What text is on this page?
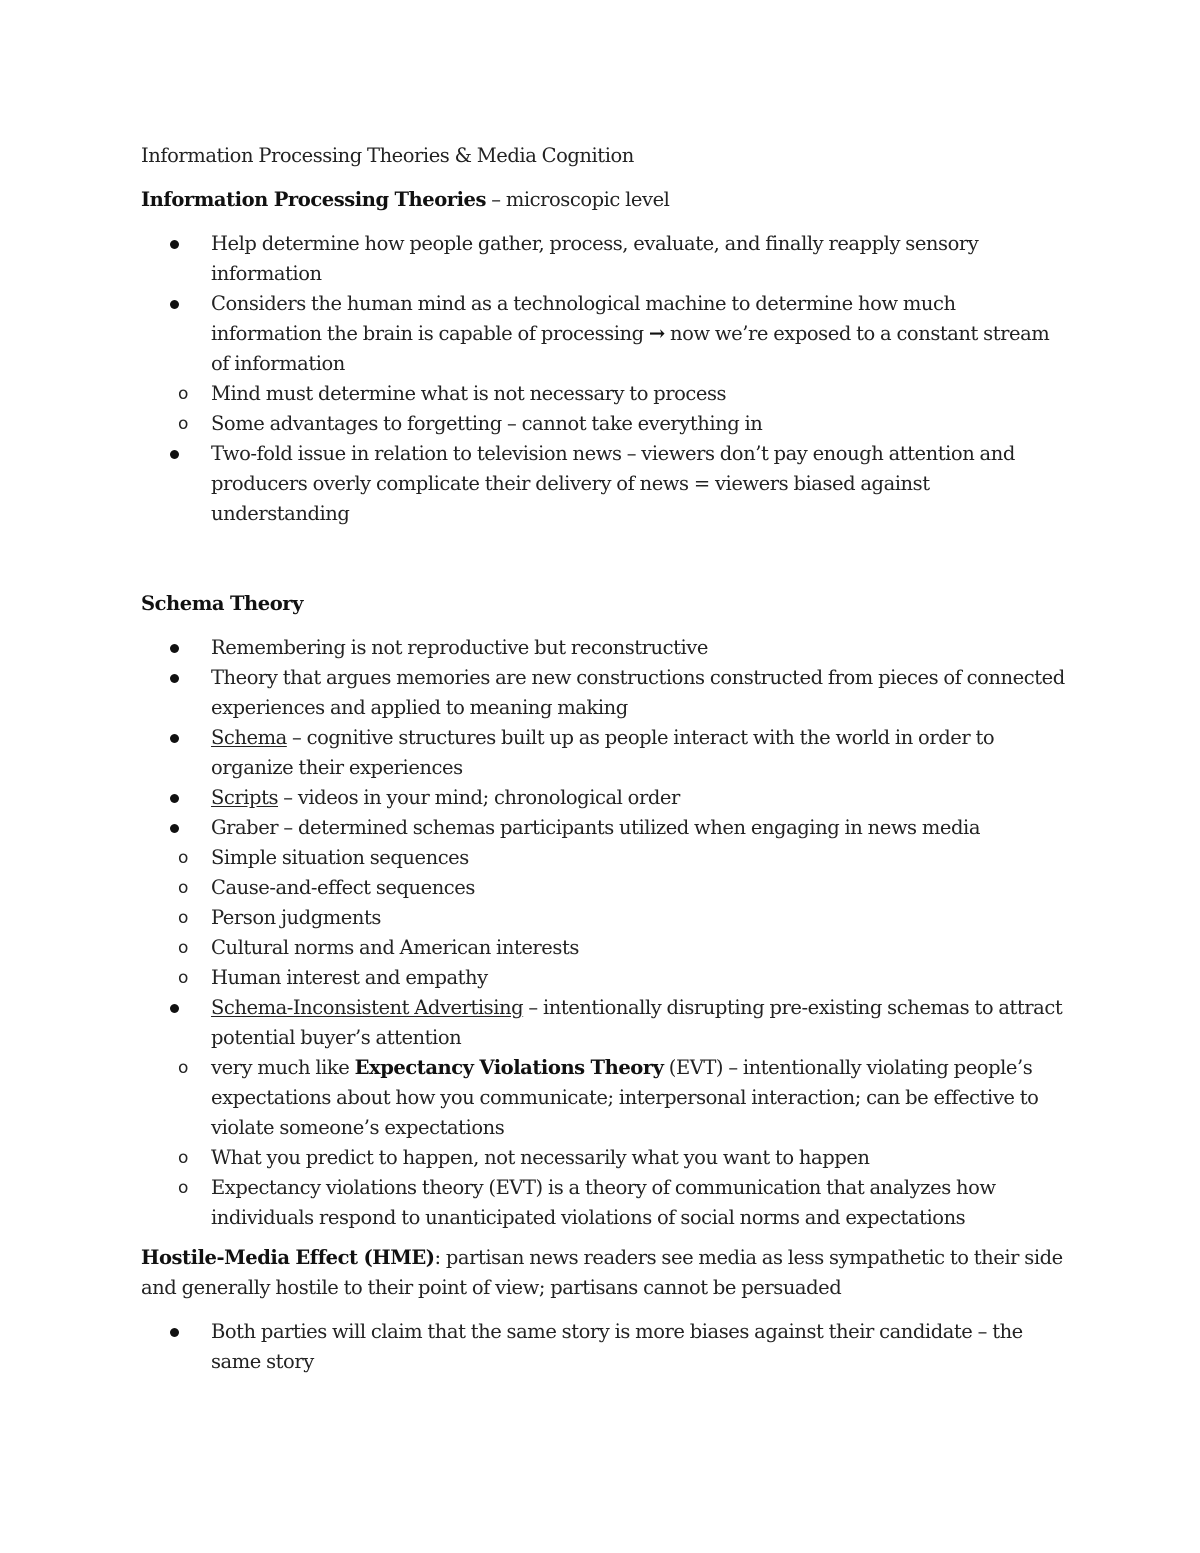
Information Processing Theories & Media Cognition

Information Processing Theories – microscopic level

Help determine how people gather, process, evaluate, and finally reapply sensory information
Considers the human mind as a technological machine to determine how much information the brain is capable of processing → now we’re exposed to a constant stream of information
o Mind must determine what is not necessary to process
o Some advantages to forgetting – cannot take everything in
Two-fold issue in relation to television news – viewers don’t pay enough attention and producers overly complicate their delivery of news = viewers biased against understanding

Schema Theory

Remembering is not reproductive but reconstructive
Theory that argues memories are new constructions constructed from pieces of connected experiences and applied to meaning making
Schema – cognitive structures built up as people interact with the world in order to organize their experiences
Scripts – videos in your mind; chronological order
Graber – determined schemas participants utilized when engaging in news media
o Simple situation sequences
o Cause-and-effect sequences
o Person judgments
o Cultural norms and American interests
o Human interest and empathy
Schema-Inconsistent Advertising – intentionally disrupting pre-existing schemas to attract potential buyer’s attention
o very much like Expectancy Violations Theory (EVT) – intentionally violating people’s expectations about how you communicate; interpersonal interaction; can be effective to violate someone’s expectations
o What you predict to happen, not necessarily what you want to happen
o Expectancy violations theory (EVT) is a theory of communication that analyzes how individuals respond to unanticipated violations of social norms and expectations

Hostile-Media Effect (HME): partisan news readers see media as less sympathetic to their side and generally hostile to their point of view; partisans cannot be persuaded

Both parties will claim that the same story is more biases against their candidate – the same story
